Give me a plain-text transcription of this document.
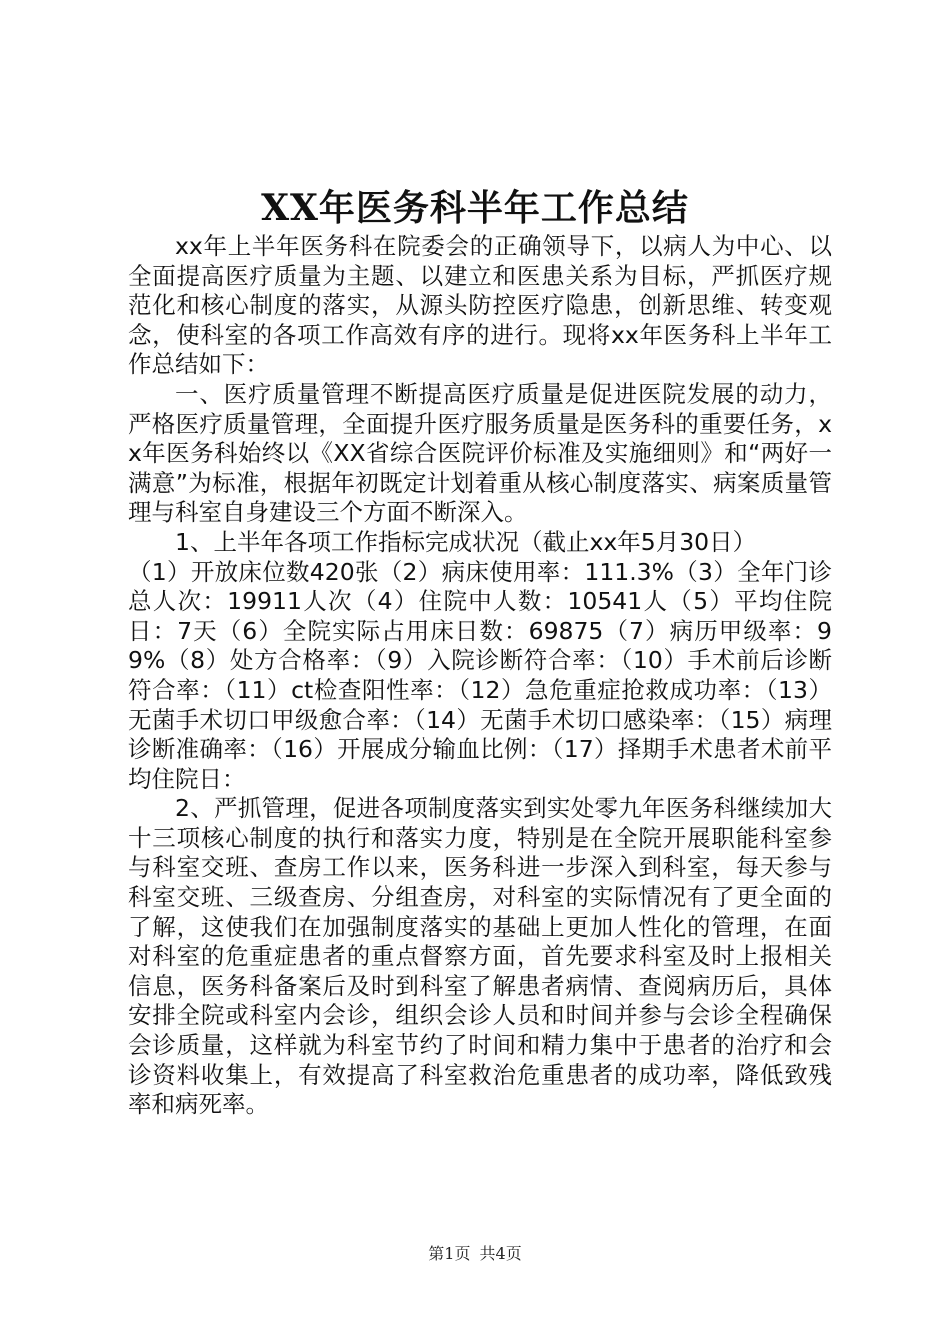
XX年医务科半年工作总结

xx年上半年医务科在院委会的正确领导下，以病人为中心、以全面提高医疗质量为主题、以建立和医患关系为目标，严抓医疗规范化和核心制度的落实，从源头防控医疗隐患，创新思维、转变观念，使科室的各项工作高效有序的进行。现将xx年医务科上半年工作总结如下：

一、医疗质量管理不断提高医疗质量是促进医院发展的动力，严格医疗质量管理，全面提升医疗服务质量是医务科的重要任务，xx年医务科始终以《XX省综合医院评价标准及实施细则》和“两好一满意”为标准，根据年初既定计划着重从核心制度落实、病案质量管理与科室自身建设三个方面不断深入。

1、上半年各项工作指标完成状况（截止xx年5月30日）

（1）开放床位数420张（2）病床使用率：111.3%（3）全年门诊总人次：19911人次（4）住院中人数：10541人（5）平均住院日：7天（6）全院实际占用床日数：69875（7）病历甲级率：99%（8）处方合格率：（9）入院诊断符合率：（10）手术前后诊断符合率：（11）ct检查阳性率：（12）急危重症抢救成功率：（13）无菌手术切口甲级愈合率：（14）无菌手术切口感染率：（15）病理诊断准确率：（16）开展成分输血比例：（17）择期手术患者术前平均住院日：

2、严抓管理，促进各项制度落实到实处零九年医务科继续加大十三项核心制度的执行和落实力度，特别是在全院开展职能科室参与科室交班、查房工作以来，医务科进一步深入到科室，每天参与科室交班、三级查房、分组查房，对科室的实际情况有了更全面的了解，这使我们在加强制度落实的基础上更加人性化的管理，在面对科室的危重症患者的重点督察方面，首先要求科室及时上报相关信息，医务科备案后及时到科室了解患者病情、查阅病历后，具体安排全院或科室内会诊，组织会诊人员和时间并参与会诊全程确保会诊质量，这样就为科室节约了时间和精力集中于患者的治疗和会诊资料收集上，有效提高了科室救治危重患者的成功率，降低致残率和病死率。

第1页 共4页
